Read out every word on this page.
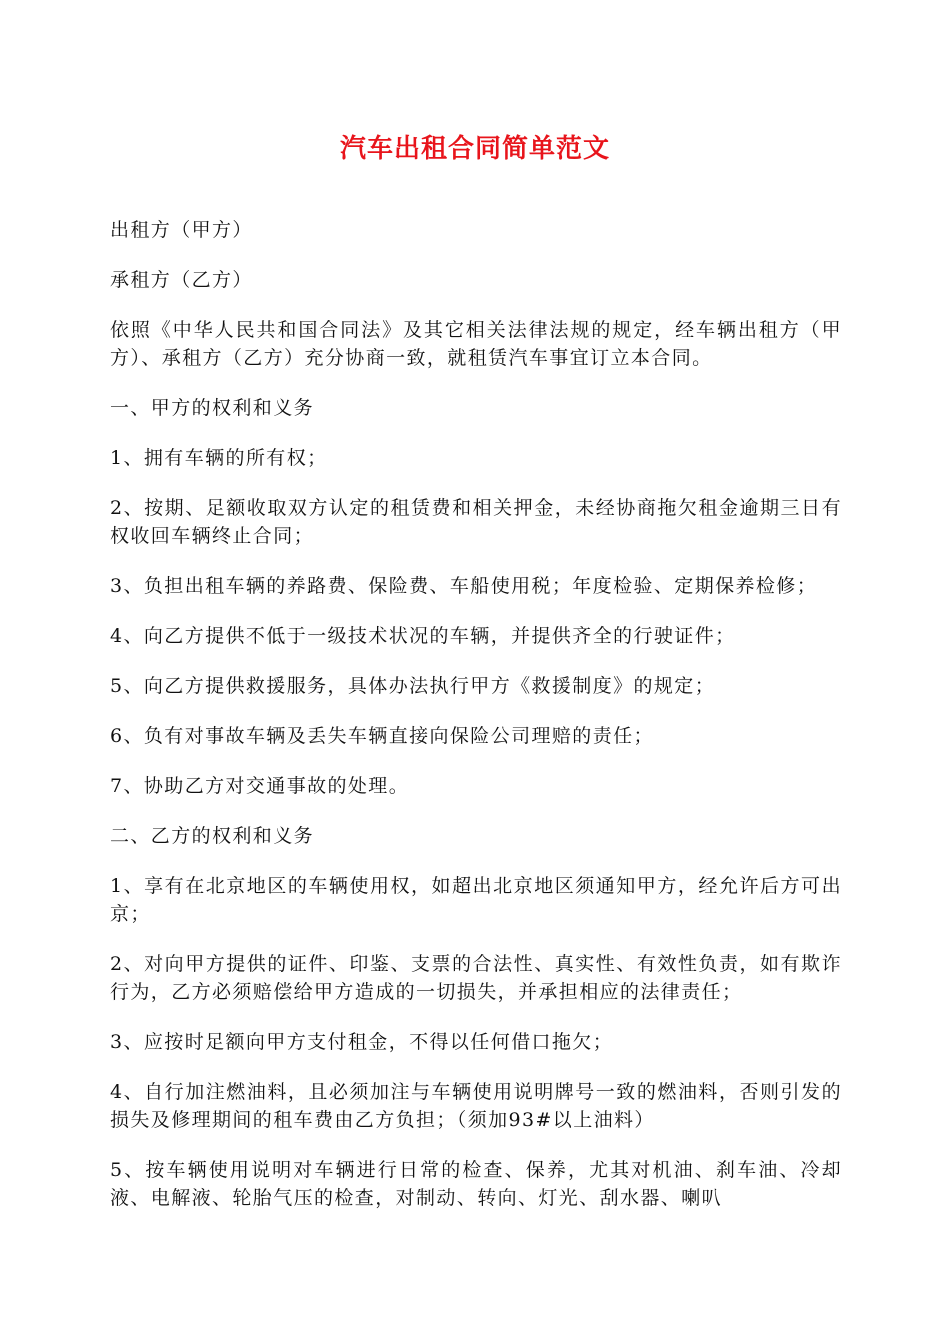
汽车出租合同简单范文

出租方（甲方）

承租方（乙方）

依照《中华人民共和国合同法》及其它相关法律法规的规定，经车辆出租方（甲方）、承租方（乙方）充分协商一致，就租赁汽车事宜订立本合同。

一、甲方的权利和义务

1、拥有车辆的所有权；

2、按期、足额收取双方认定的租赁费和相关押金，未经协商拖欠租金逾期三日有权收回车辆终止合同；

3、负担出租车辆的养路费、保险费、车船使用税；年度检验、定期保养检修；

4、向乙方提供不低于一级技术状况的车辆，并提供齐全的行驶证件；

5、向乙方提供救援服务，具体办法执行甲方《救援制度》的规定；

6、负有对事故车辆及丢失车辆直接向保险公司理赔的责任；

7、协助乙方对交通事故的处理。

二、乙方的权利和义务

1、享有在北京地区的车辆使用权，如超出北京地区须通知甲方，经允许后方可出京；

2、对向甲方提供的证件、印鉴、支票的合法性、真实性、有效性负责，如有欺诈行为，乙方必须赔偿给甲方造成的一切损失，并承担相应的法律责任；

3、应按时足额向甲方支付租金，不得以任何借口拖欠；

4、自行加注燃油料，且必须加注与车辆使用说明牌号一致的燃油料，否则引发的损失及修理期间的租车费由乙方负担；（须加93#以上油料）

5、按车辆使用说明对车辆进行日常的检查、保养，尤其对机油、刹车油、冷却液、电解液、轮胎气压的检查，对制动、转向、灯光、刮水器、喇叭
